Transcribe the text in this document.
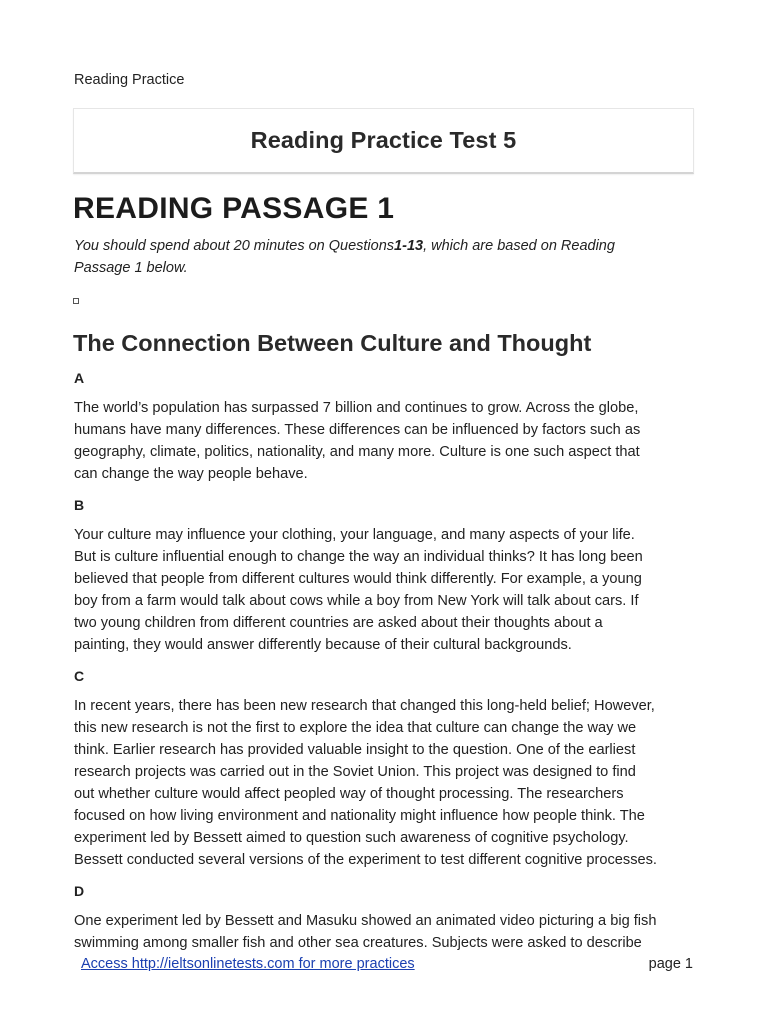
Reading Practice
Reading Practice Test 5
READING PASSAGE 1
You should spend about 20 minutes on Questions1-13, which are based on Reading
Passage 1 below.
The Connection Between Culture and Thought
A
The world’s population has surpassed 7 billion and continues to grow. Across the globe,
humans have many differences. These differences can be influenced by factors such as
geography, climate, politics, nationality, and many more. Culture is one such aspect that
can change the way people behave.
B
Your culture may influence your clothing, your language, and many aspects of your life.
But is culture influential enough to change the way an individual thinks? It has long been
believed that people from different cultures would think differently. For example, a young
boy from a farm would talk about cows while a boy from New York will talk about cars. If
two young children from different countries are asked about their thoughts about a
painting, they would answer differently because of their cultural backgrounds.
C
In recent years, there has been new research that changed this long-held belief; However,
this new research is not the first to explore the idea that culture can change the way we
think. Earlier research has provided valuable insight to the question. One of the earliest
research projects was carried out in the Soviet Union. This project was designed to find
out whether culture would affect peopled way of thought processing. The researchers
focused on how living environment and nationality might influence how people think. The
experiment led by Bessett aimed to question such awareness of cognitive psychology.
Bessett conducted several versions of the experiment to test different cognitive processes.
D
One experiment led by Bessett and Masuku showed an animated video picturing a big fish
swimming among smaller fish and other sea creatures. Subjects were asked to describe
Access http://ieltsonlinetests.com for more practices	page 1
